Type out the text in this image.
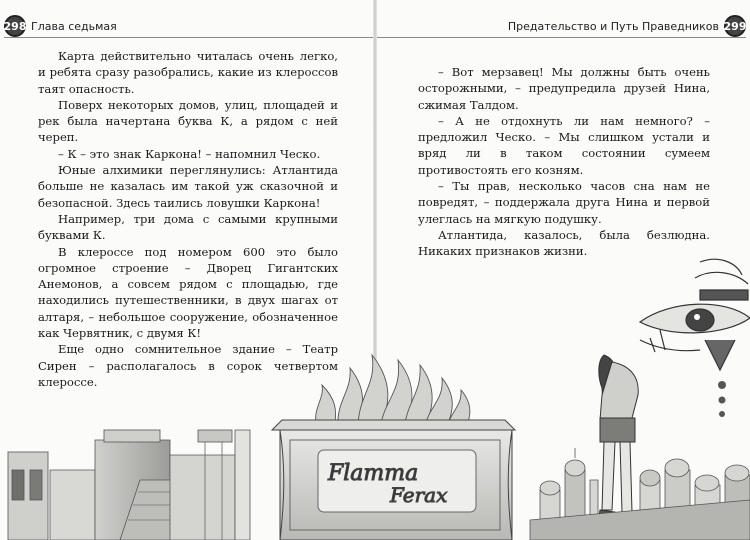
298 Глава седьмая

Карта действительно читалась очень легко, и ребята сразу разобрались, какие из клероссов таят опасность.

Поверх некоторых домов, улиц, площадей и рек была начертана буква К, а рядом с ней череп.

– К – это знак Каркона! – напомнил Ческо.

Юные алхимики переглянулись: Атлантида больше не казалась им такой уж сказочной и безопасной. Здесь таились ловушки Каркона!

Например, три дома с самыми крупными буквами К.

В клероссе под номером 600 это было огромное строение – Дворец Гигантских Анемонов, а совсем рядом с площадью, где находились путешественники, в двух шагах от алтаря, – небольшое сооружение, обозначенное как Червятник, с двумя К!

Еще одно сомнительное здание – Театр Сирен – располагалось в сорок четвертом клероссе.

Предательство и Путь Праведников 299

– Вот мерзавец! Мы должны быть очень осторожными, – предупредила друзей Нина, сжимая Талдом.

– А не отдохнуть ли нам немного? – предложил Ческо. – Мы слишком устали и вряд ли в таком состоянии сумеем противостоять его козням.

– Ты прав, несколько часов сна нам не повредят, – поддержала друга Нина и первой улеглась на мягкую подушку.

Атлантида, казалось, была безлюдна. Никаких признаков жизни.

Flamma
Ferax
